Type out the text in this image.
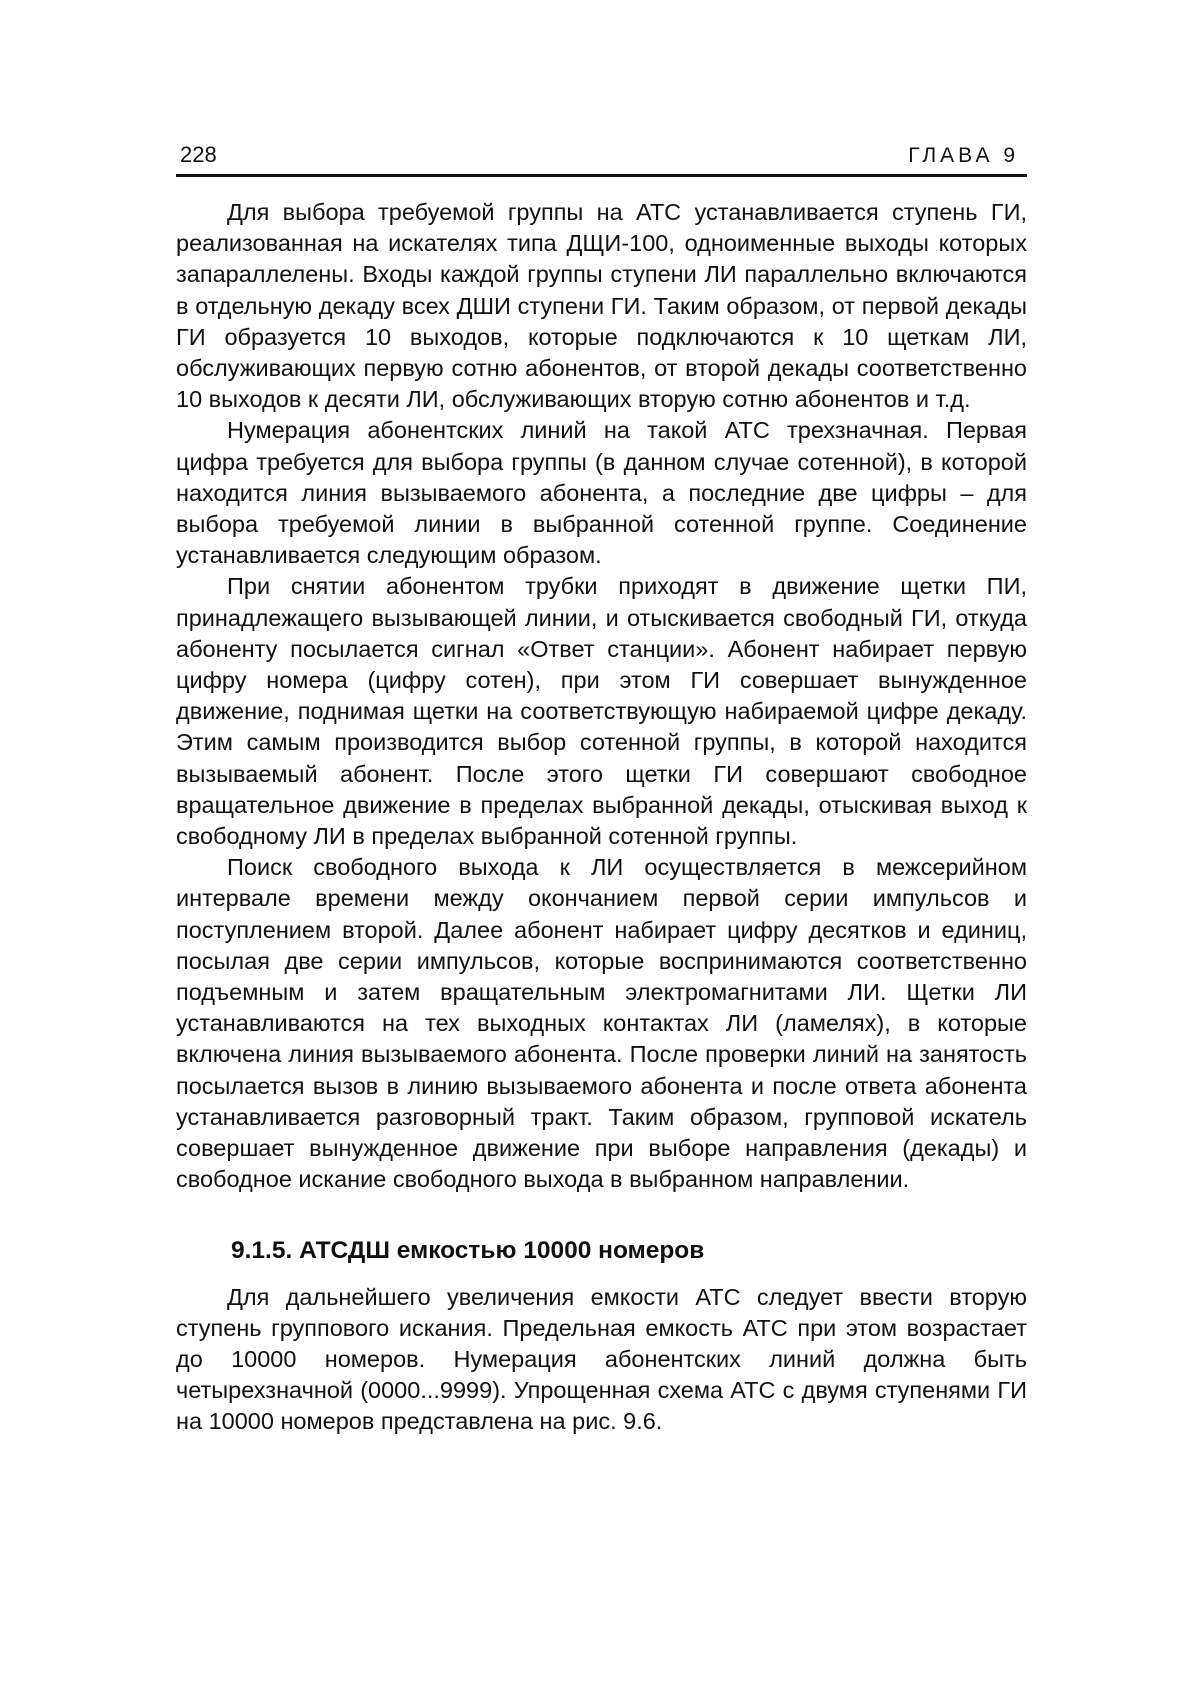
228	ГЛАВА 9

Для выбора требуемой группы на АТС устанавливается ступень ГИ, реализованная на искателях типа ДЩИ-100, одноименные выходы которых запараллелены. Входы каждой группы ступени ЛИ параллельно включаются в отдельную декаду всех ДШИ ступени ГИ. Таким образом, от первой декады ГИ образуется 10 выходов, которые подключаются к 10 щеткам ЛИ, обслуживающих первую сотню абонентов, от второй декады соответственно 10 выходов к десяти ЛИ, обслуживающих вторую сотню абонентов и т.д.

Нумерация абонентских линий на такой АТС трехзначная. Первая цифра требуется для выбора группы (в данном случае сотенной), в которой находится линия вызываемого абонента, а последние две цифры – для выбора требуемой линии в выбранной сотенной группе. Соединение устанавливается следующим образом.

При снятии абонентом трубки приходят в движение щетки ПИ, принадлежащего вызывающей линии, и отыскивается свободный ГИ, откуда абоненту посылается сигнал «Ответ станции». Абонент набирает первую цифру номера (цифру сотен), при этом ГИ совершает вынужденное движение, поднимая щетки на соответствующую набираемой цифре декаду. Этим самым производится выбор сотенной группы, в которой находится вызываемый абонент. После этого щетки ГИ совершают свободное вращательное движение в пределах выбранной декады, отыскивая выход к свободному ЛИ в пределах выбранной сотенной группы.

Поиск свободного выхода к ЛИ осуществляется в межсерийном интервале времени между окончанием первой серии импульсов и поступлением второй. Далее абонент набирает цифру десятков и единиц, посылая две серии импульсов, которые воспринимаются соответственно подъемным и затем вращательным электромагнитами ЛИ. Щетки ЛИ устанавливаются на тех выходных контактах ЛИ (ламелях), в которые включена линия вызываемого абонента. После проверки линий на занятость посылается вызов в линию вызываемого абонента и после ответа абонента устанавливается разговорный тракт. Таким образом, групповой искатель совершает вынужденное движение при выборе направления (декады) и свободное искание свободного выхода в выбранном направлении.

9.1.5. АТСДШ емкостью 10000 номеров

Для дальнейшего увеличения емкости АТС следует ввести вторую ступень группового искания. Предельная емкость АТС при этом возрастает до 10000 номеров. Нумерация абонентских линий должна быть четырехзначной (0000...9999). Упрощенная схема АТС с двумя ступенями ГИ на 10000 номеров представлена на рис. 9.6.
